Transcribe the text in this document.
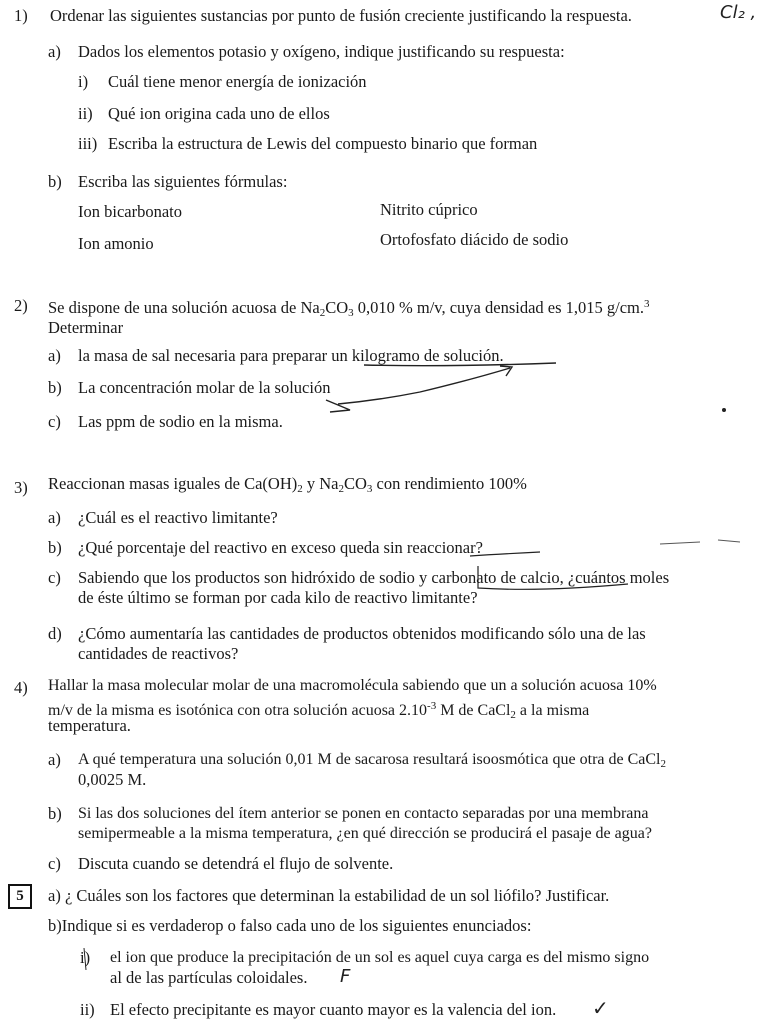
1) Ordenar las siguientes sustancias por punto de fusión creciente justificando la respuesta.	Cl₂ ,
a) Dados los elementos potasio y oxígeno, indique justificando su respuesta:
i) Cuál tiene menor energía de ionización
ii) Qué ion origina cada uno de ellos
iii) Escriba la estructura de Lewis del compuesto binario que forman
b) Escriba las siguientes fórmulas:
Ion bicarbonato	Nitrito cúprico
Ion amonio	Ortofosfato diácido de sodio
2) Se dispone de una solución acuosa de $Na_2CO_3$ 0,010 % m/v, cuya densidad es 1,015 g/cm.$^3$
Determinar
a) la masa de sal necesaria para preparar un kilogramo de solución.
b) La concentración molar de la solución
c) Las ppm de sodio en la misma.
3) Reaccionan masas iguales de $Ca(OH)_2$ y $Na_2CO_3$ con rendimiento 100%
a) ¿Cuál es el reactivo limitante?
b) ¿Qué porcentaje del reactivo en exceso queda sin reaccionar?
c) Sabiendo que los productos son hidróxido de sodio y carbonato de calcio, ¿cuántos moles
de éste último se forman por cada kilo de reactivo limitante?
d) ¿Cómo aumentaría las cantidades de productos obtenidos modificando sólo una de las
cantidades de reactivos?
4) Hallar la masa molecular molar de una macromolécula sabiendo que un a solución acuosa 10%
m/v de la misma es isotónica con otra solución acuosa $2.10^{-3}$ M de CaCl$_2$ a la misma
temperatura.
a) A qué temperatura una solución 0,01 M de sacarosa resultará isoosmótica que otra de CaCl$_2$
0,0025 M.
b) Si las dos soluciones del ítem anterior se ponen en contacto separadas por una membrana
semipermeable a la misma temperatura, ¿en qué dirección se producirá el pasaje de agua?
c) Discuta cuando se detendrá el flujo de solvente.
5	a) ¿ Cuáles son los factores que determinan la estabilidad de un sol liófilo? Justificar.
b)Indique si es verdaderop o falso cada uno de los siguientes enunciados:
i) el ion que produce la precipitación de un sol es aquel cuya carga es del mismo signo
al de las partículas coloidales. F
ii) El efecto precipitante es mayor cuanto mayor es la valencia del ion. ✓
